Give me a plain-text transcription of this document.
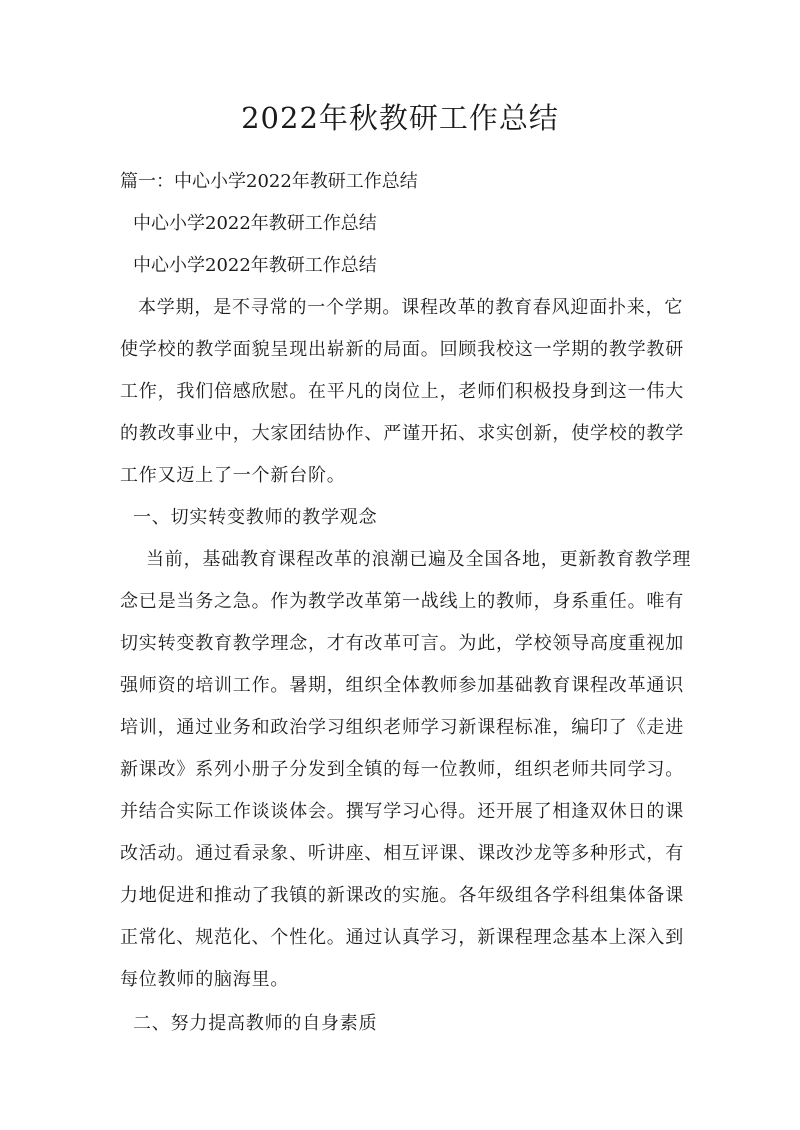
2022年秋教研工作总结

篇一：中心小学2022年教研工作总结

中心小学2022年教研工作总结

中心小学2022年教研工作总结

本学期，是不寻常的一个学期。课程改革的教育春风迎面扑来，它

使学校的教学面貌呈现出崭新的局面。回顾我校这一学期的教学教研

工作，我们倍感欣慰。在平凡的岗位上，老师们积极投身到这一伟大

的教改事业中，大家团结协作、严谨开拓、求实创新，使学校的教学

工作又迈上了一个新台阶。

一、切实转变教师的教学观念

当前，基础教育课程改革的浪潮已遍及全国各地，更新教育教学理

念已是当务之急。作为教学改革第一战线上的教师，身系重任。唯有

切实转变教育教学理念，才有改革可言。为此，学校领导高度重视加

强师资的培训工作。暑期，组织全体教师参加基础教育课程改革通识

培训，通过业务和政治学习组织老师学习新课程标准，编印了《走进

新课改》系列小册子分发到全镇的每一位教师，组织老师共同学习。

并结合实际工作谈谈体会。撰写学习心得。还开展了相逢双休日的课

改活动。通过看录象、听讲座、相互评课、课改沙龙等多种形式，有

力地促进和推动了我镇的新课改的实施。各年级组各学科组集体备课

正常化、规范化、个性化。通过认真学习，新课程理念基本上深入到

每位教师的脑海里。

二、努力提高教师的自身素质
